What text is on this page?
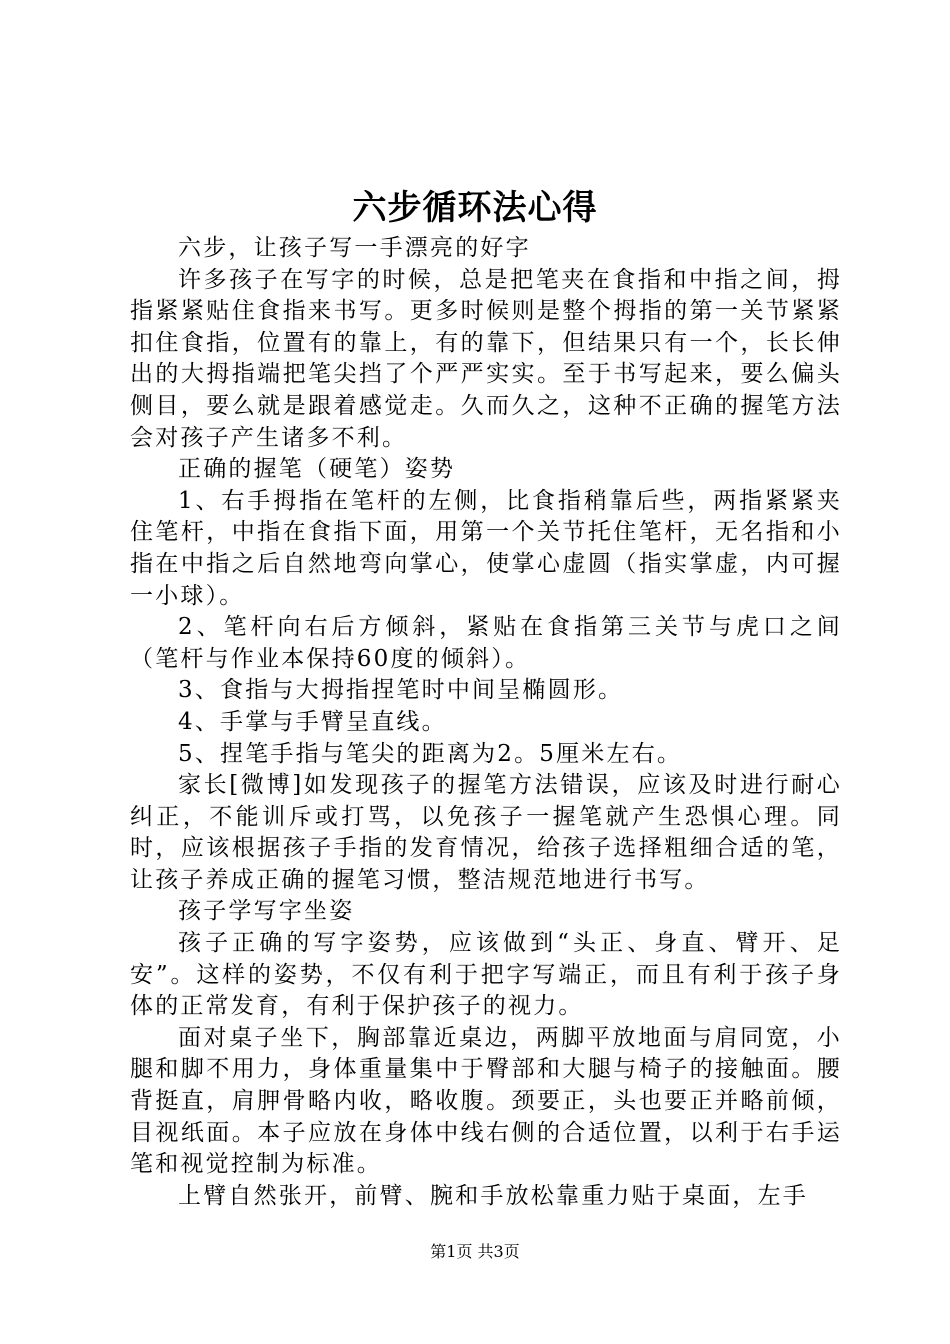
六步循环法心得

六步，让孩子写一手漂亮的好字

许多孩子在写字的时候，总是把笔夹在食指和中指之间，拇指紧紧贴住食指来书写。更多时候则是整个拇指的第一关节紧紧扣住食指，位置有的靠上，有的靠下，但结果只有一个，长长伸出的大拇指端把笔尖挡了个严严实实。至于书写起来，要么偏头侧目，要么就是跟着感觉走。久而久之，这种不正确的握笔方法会对孩子产生诸多不利。

正确的握笔（硬笔）姿势

1、右手拇指在笔杆的左侧，比食指稍靠后些，两指紧紧夹住笔杆，中指在食指下面，用第一个关节托住笔杆，无名指和小指在中指之后自然地弯向掌心，使掌心虚圆（指实掌虚，内可握一小球）。

2、笔杆向右后方倾斜，紧贴在食指第三关节与虎口之间（笔杆与作业本保持60度的倾斜）。

3、食指与大拇指捏笔时中间呈椭圆形。

4、手掌与手臂呈直线。

5、捏笔手指与笔尖的距离为2。5厘米左右。

家长[微博]如发现孩子的握笔方法错误，应该及时进行耐心纠正，不能训斥或打骂，以免孩子一握笔就产生恐惧心理。同时，应该根据孩子手指的发育情况，给孩子选择粗细合适的笔，让孩子养成正确的握笔习惯，整洁规范地进行书写。

孩子学写字坐姿

孩子正确的写字姿势，应该做到“头正、身直、臂开、足安”。这样的姿势，不仅有利于把字写端正，而且有利于孩子身体的正常发育，有利于保护孩子的视力。

面对桌子坐下，胸部靠近桌边，两脚平放地面与肩同宽，小腿和脚不用力，身体重量集中于臀部和大腿与椅子的接触面。腰背挺直，肩胛骨略内收，略收腹。颈要正，头也要正并略前倾，目视纸面。本子应放在身体中线右侧的合适位置，以利于右手运笔和视觉控制为标准。

上臂自然张开，前臂、腕和手放松靠重力贴于桌面，左手

第1页 共3页
